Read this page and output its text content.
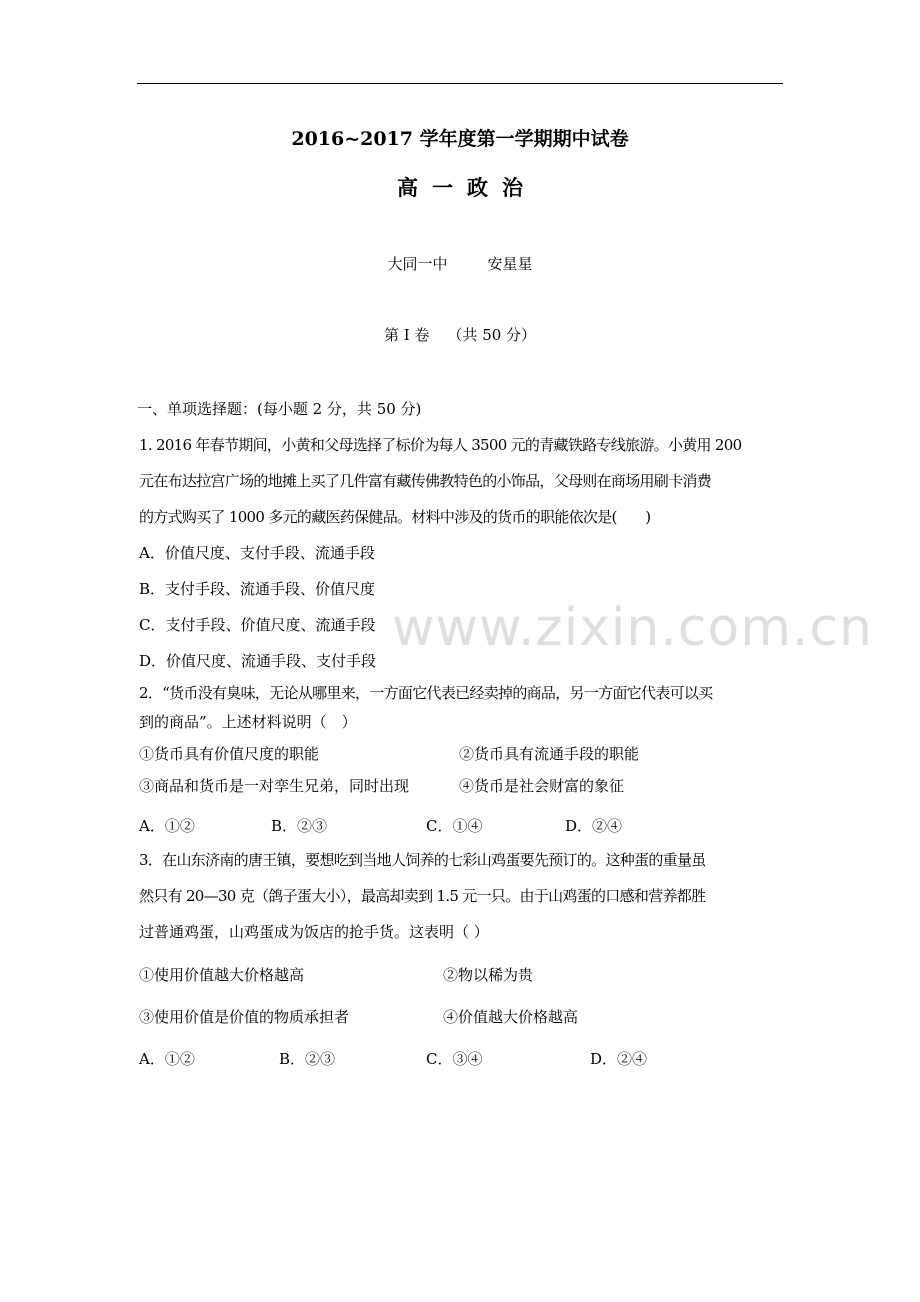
2016~2017 学年度第一学期期中试卷
高一政治
大同一中	安星星
第 I 卷 （共 50 分）
一、单项选择题：(每小题 2 分，共 50 分)
1. 2016 年春节期间，小黄和父母选择了标价为每人 3500 元的青藏铁路专线旅游。小黄用 200
元在布达拉宫广场的地摊上买了几件富有藏传佛教特色的小饰品，父母则在商场用刷卡消费
的方式购买了 1000 多元的藏医药保健品。材料中涉及的货币的职能依次是(　　)
A．价值尺度、支付手段、流通手段
B．支付手段、流通手段、价值尺度
C．支付手段、价值尺度、流通手段
D．价值尺度、流通手段、支付手段
2．“货币没有臭味，无论从哪里来，一方面它代表已经卖掉的商品，另一方面它代表可以买
到的商品”。上述材料说明（　）
①货币具有价值尺度的职能	②货币具有流通手段的职能
③商品和货币是一对孪生兄弟，同时出现	④货币是社会财富的象征
A．①②	B．②③	C．①④	D．②④
3．在山东济南的唐王镇，要想吃到当地人饲养的七彩山鸡蛋要先预订的。这种蛋的重量虽
然只有 20—30 克（鸽子蛋大小），最高却卖到 1.5 元一只。由于山鸡蛋的口感和营养都胜
过普通鸡蛋，山鸡蛋成为饭店的抢手货。这表明（ ）
①使用价值越大价格越高	②物以稀为贵
③使用价值是价值的物质承担者	④价值越大价格越高
A．①②	B．②③	C．③④	D．②④
www.zixin.com.cn
